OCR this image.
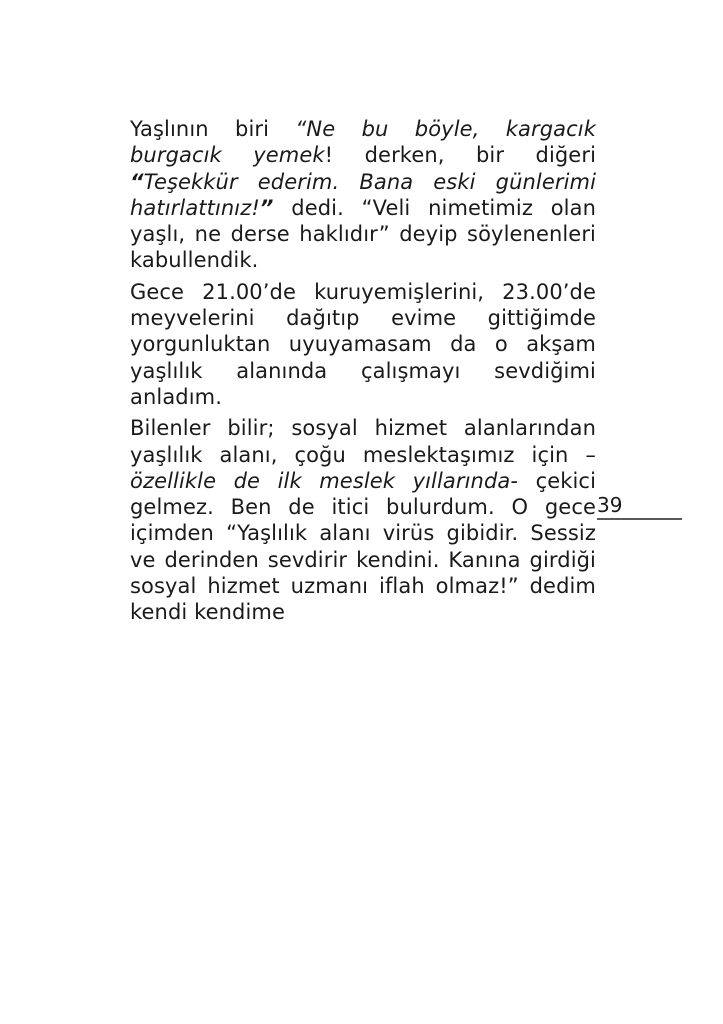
Yaşlının biri “Ne bu böyle, kargacık burgacık yemek! derken, bir diğeri “Teşekkür ederim. Bana eski günlerimi hatırlattınız!” dedi. “Veli nimetimiz olan yaşlı, ne derse haklıdır” deyip söylenenleri kabullendik.

Gece 21.00’de kuruyemişlerini, 23.00’de meyvelerini dağıtıp evime gittiğimde yorgunluktan uyuyamasam da o akşam yaşlılık alanında çalışmayı sevdiğimi anladım.

Bilenler bilir; sosyal hizmet alanlarından yaşlılık alanı, çoğu meslektaşımız için – özellikle de ilk meslek yıllarında- çekici gelmez. Ben de itici bulurdum. O gece içimden “Yaşlılık alanı virüs gibidir. Sessiz ve derinden sevdirir kendini. Kanına girdiği sosyal hizmet uzmanı iflah olmaz!” dedim kendi kendime

39
